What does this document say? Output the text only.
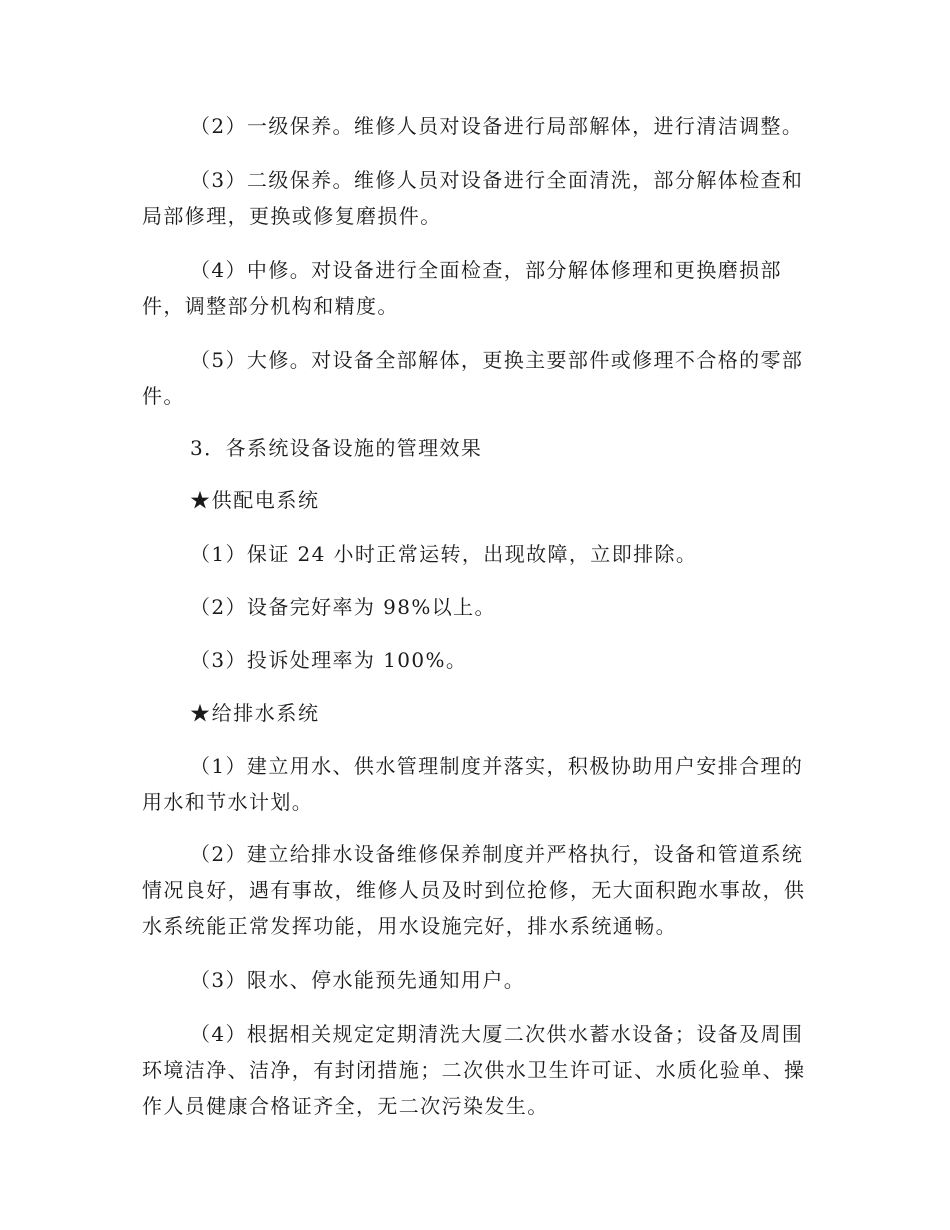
（2）一级保养。维修人员对设备进行局部解体，进行清洁调整。

（3）二级保养。维修人员对设备进行全面清洗，部分解体检查和局部修理，更换或修复磨损件。

（4）中修。对设备进行全面检查，部分解体修理和更换磨损部件，调整部分机构和精度。

（5）大修。对设备全部解体，更换主要部件或修理不合格的零部件。

3．各系统设备设施的管理效果

★供配电系统

（1）保证 24 小时正常运转，出现故障，立即排除。

（2）设备完好率为 98%以上。

（3）投诉处理率为 100%。

★给排水系统

（1）建立用水、供水管理制度并落实，积极协助用户安排合理的用水和节水计划。

（2）建立给排水设备维修保养制度并严格执行，设备和管道系统情况良好，遇有事故，维修人员及时到位抢修，无大面积跑水事故，供水系统能正常发挥功能，用水设施完好，排水系统通畅。

（3）限水、停水能预先通知用户。

（4）根据相关规定定期清洗大厦二次供水蓄水设备；设备及周围环境洁净、洁净，有封闭措施；二次供水卫生许可证、水质化验单、操作人员健康合格证齐全，无二次污染发生。
